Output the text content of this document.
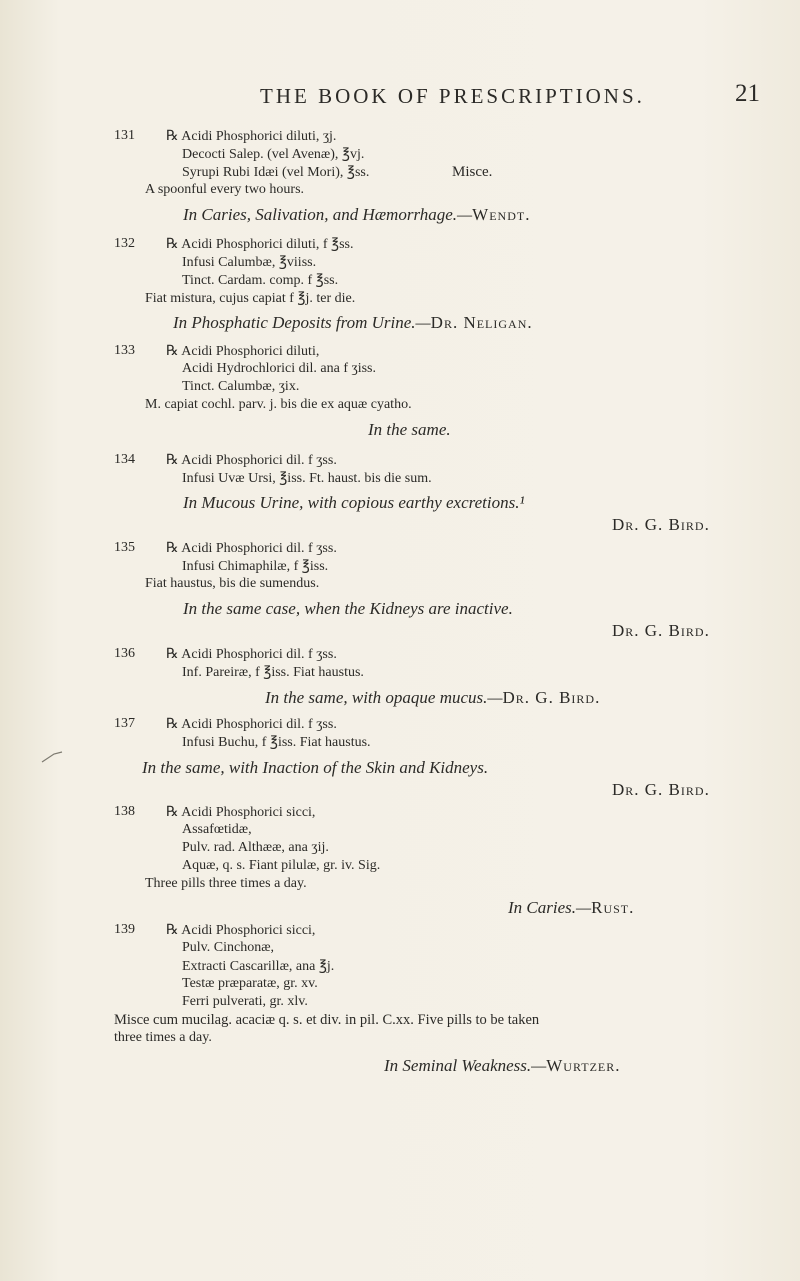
THE BOOK OF PRESCRIPTIONS.	21
131 ℞ Acidi Phosphorici diluti, ʒj.
Decocti Salep. (vel Avenæ), ℥vj.
Syrupi Rubi Idæi (vel Mori), ℥ss.	Misce.
A spoonful every two hours.
In Caries, Salivation, and Hæmorrhage.—Wendt.
132 ℞ Acidi Phosphorici diluti, f ℥ss.
Infusi Calumbæ, ℥viiss.
Tinct. Cardam. comp. f ℥ss.
Fiat mistura, cujus capiat f ℥j. ter die.
In Phosphatic Deposits from Urine.—Dr. Neligan.
133 ℞ Acidi Phosphorici diluti,
Acidi Hydrochlorici dil. ana f ʒiss.
Tinct. Calumbæ, ʒix.
M. capiat cochl. parv. j. bis die ex aquæ cyatho.
In the same.
134 ℞ Acidi Phosphorici dil. f ʒss.
Infusi Uvæ Ursi, ℥iss. Ft. haust. bis die sum.
In Mucous Urine, with copious earthy excretions.¹
Dr. G. Bird.
135 ℞ Acidi Phosphorici dil. f ʒss.
Infusi Chimaphilæ, f ℥iss.
Fiat haustus, bis die sumendus.
In the same case, when the Kidneys are inactive.
Dr. G. Bird.
136 ℞ Acidi Phosphorici dil. f ʒss.
Inf. Pareiræ, f ℥iss. Fiat haustus.
In the same, with opaque mucus.—Dr. G. Bird.
137 ℞ Acidi Phosphorici dil. f ʒss.
Infusi Buchu, f ℥iss. Fiat haustus.
In the same, with Inaction of the Skin and Kidneys.
Dr. G. Bird.
138 ℞ Acidi Phosphorici sicci,
Assafœtidæ,
Pulv. rad. Althææ, ana ʒij.
Aquæ, q. s. Fiant pilulæ, gr. iv. Sig.
Three pills three times a day.
In Caries.—Rust.
139 ℞ Acidi Phosphorici sicci,
Pulv. Cinchonæ,
Extracti Cascarillæ, ana ℥j.
Testæ præparatæ, gr. xv.
Ferri pulverati, gr. xlv.
Misce cum mucilag. acaciæ q. s. et div. in pil. C.xx. Five pills to be taken
three times a day.
In Seminal Weakness.—Wurtzer.
